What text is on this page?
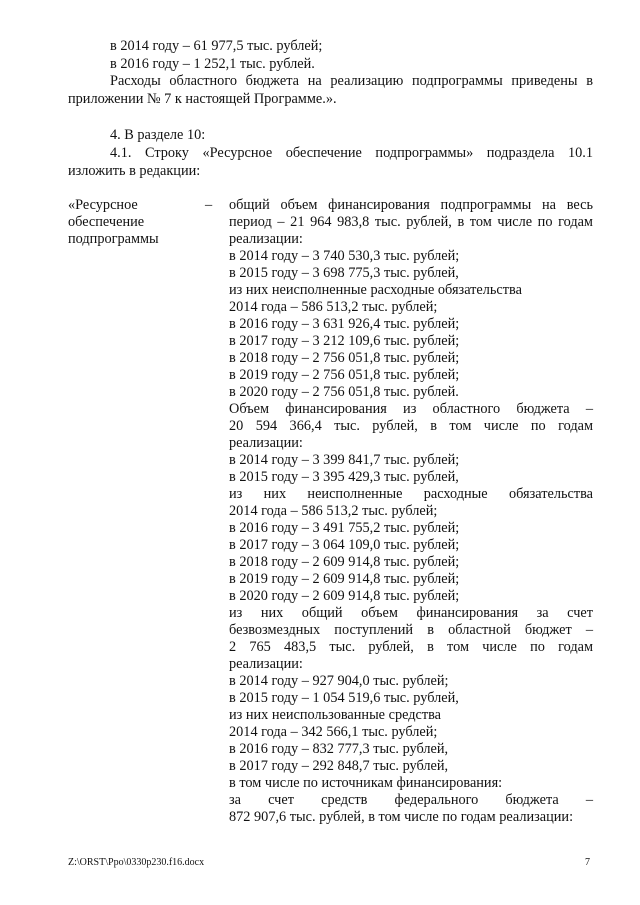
в 2014 году – 61 977,5 тыс. рублей;
в 2016 году – 1 252,1 тыс. рублей.
Расходы областного бюджета на реализацию подпрограммы приведены в
приложении № 7 к настоящей Программе.».
4. В разделе 10:
4.1. Строку «Ресурсное обеспечение подпрограммы» подраздела 10.1
изложить в редакции:
«Ресурсное
обеспечение
подпрограммы
– общий объем финансирования подпрограммы на весь
период – 21 964 983,8 тыс. рублей, в том числе по годам
реализации:
в 2014 году – 3 740 530,3 тыс. рублей;
в 2015 году – 3 698 775,3 тыс. рублей,
из них неисполненные расходные обязательства
2014 года – 586 513,2 тыс. рублей;
в 2016 году – 3 631 926,4 тыс. рублей;
в 2017 году – 3 212 109,6 тыс. рублей;
в 2018 году – 2 756 051,8 тыс. рублей;
в 2019 году – 2 756 051,8 тыс. рублей;
в 2020 году – 2 756 051,8 тыс. рублей.
Объем финансирования из областного бюджета –
20 594 366,4 тыс. рублей, в том числе по годам
реализации:
в 2014 году – 3 399 841,7 тыс. рублей;
в 2015 году – 3 395 429,3 тыс. рублей,
из них неисполненные расходные обязательства
2014 года – 586 513,2 тыс. рублей;
в 2016 году – 3 491 755,2 тыс. рублей;
в 2017 году – 3 064 109,0 тыс. рублей;
в 2018 году – 2 609 914,8 тыс. рублей;
в 2019 году – 2 609 914,8 тыс. рублей;
в 2020 году – 2 609 914,8 тыс. рублей;
из них общий объем финансирования за счет
безвозмездных поступлений в областной бюджет –
2 765 483,5 тыс. рублей, в том числе по годам
реализации:
в 2014 году – 927 904,0 тыс. рублей;
в 2015 году – 1 054 519,6 тыс. рублей,
из них неиспользованные средства
2014 года – 342 566,1 тыс. рублей;
в 2016 году – 832 777,3 тыс. рублей,
в 2017 году – 292 848,7 тыс. рублей,
в том числе по источникам финансирования:
за счет средств федерального бюджета –
872 907,6 тыс. рублей, в том числе по годам реализации:
Z:\ORST\Ppo\0330p230.f16.docx	7
